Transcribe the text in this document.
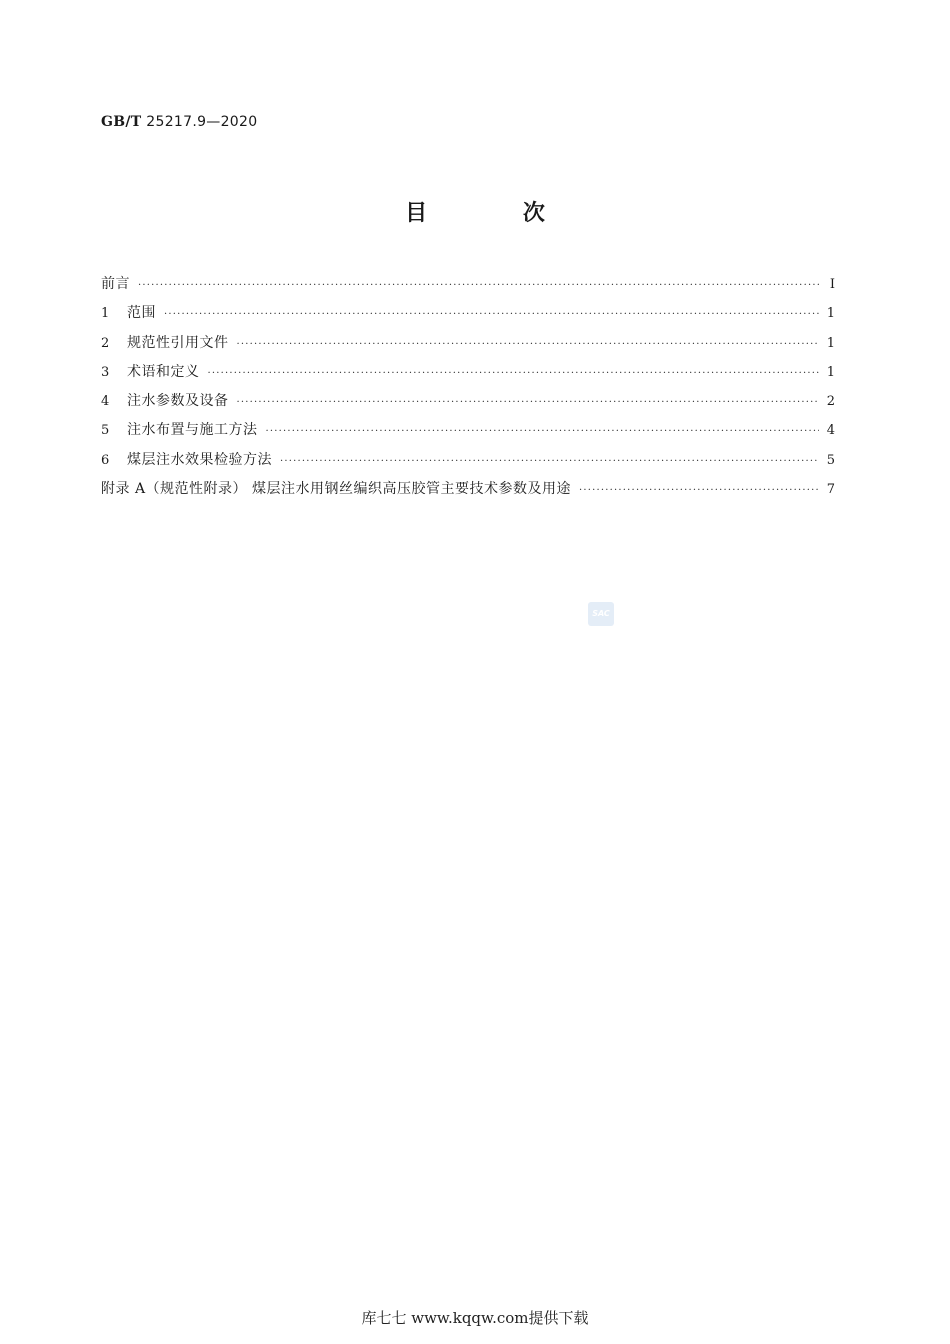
GB/T 25217.9—2020
目 次
前言 ·····	Ⅰ
1	范围 ·····	1
2	规范性引用文件 ·····	1
3	术语和定义 ·····	1
4	注水参数及设备 ·····	2
5	注水布置与施工方法 ·····	4
6	煤层注水效果检验方法 ·····	5
附录 A（规范性附录） 煤层注水用钢丝编织高压胶管主要技术参数及用途 ·····	7
SAC
库七七 www.kqqw.com提供下载
